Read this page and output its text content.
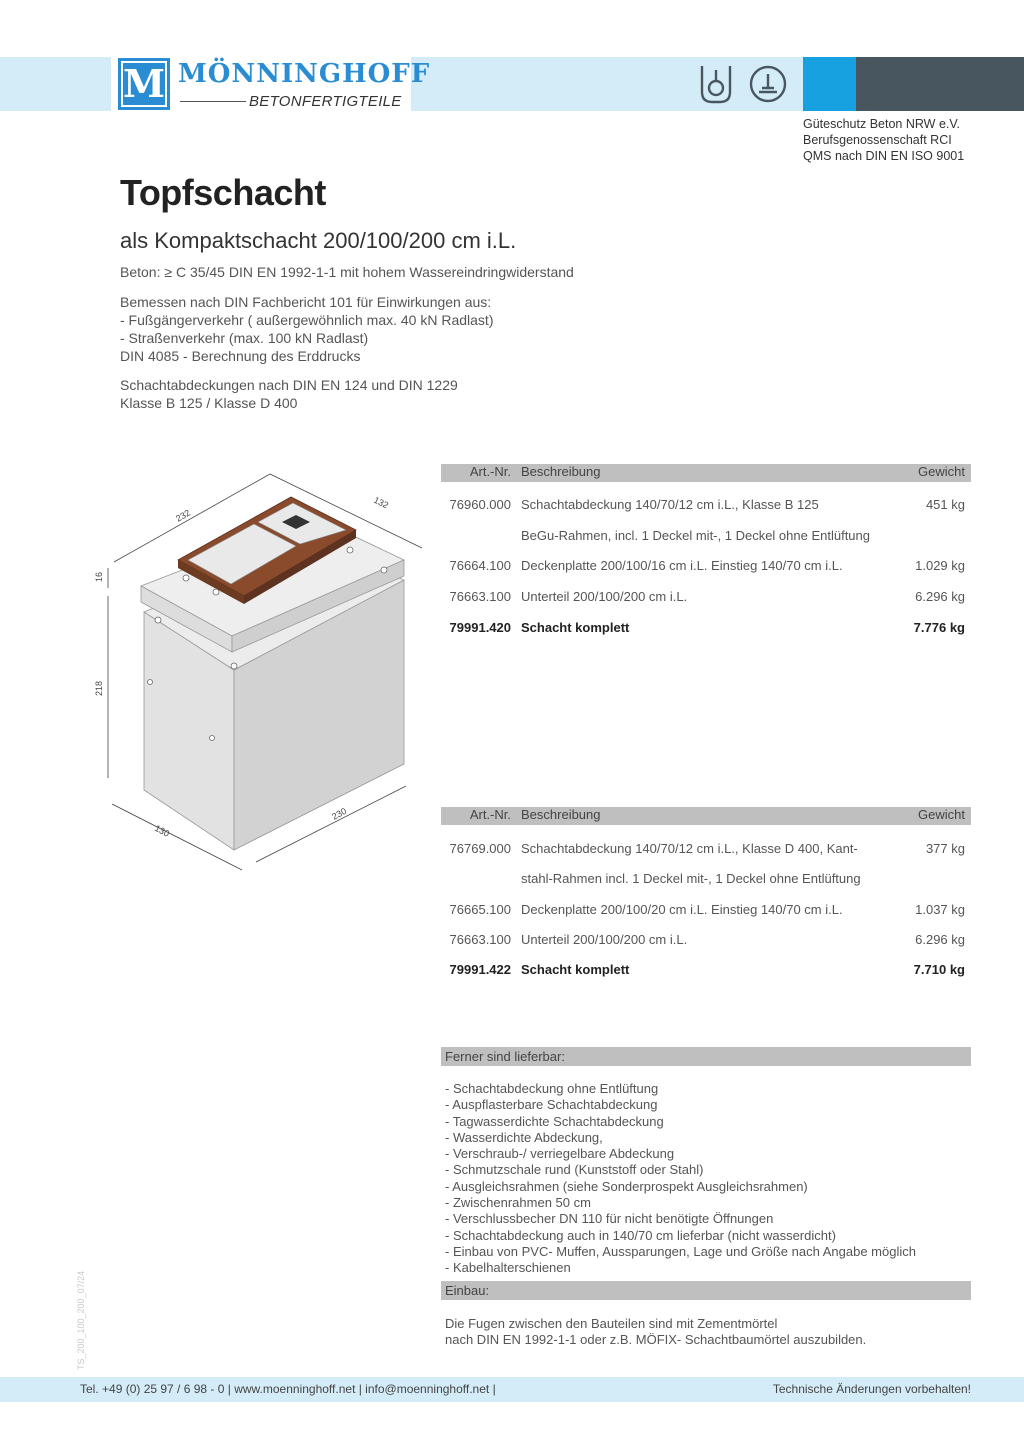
M MÖNNINGHOFF
BETONFERTIGTEILE
Güteschutz Beton NRW e.V.
Berufsgenossenschaft RCI
QMS nach DIN EN ISO 9001
Topfschacht
als Kompaktschacht 200/100/200 cm i.L.
Beton: ≥ C 35/45 DIN EN 1992-1-1 mit hohem Wassereindringwiderstand
Bemessen nach DIN Fachbericht 101 für Einwirkungen aus:
- Fußgängerverkehr ( außergewöhnlich max. 40 kN Radlast)
- Straßenverkehr (max. 100 kN Radlast)
DIN 4085 - Berechnung des Erddrucks
Schachtabdeckungen nach DIN EN 124 und DIN 1229
Klasse B 125 / Klasse D 400
232
132
16
218
130
230
Art.-Nr. Beschreibung	Gewicht
76960.000 Schachtabdeckung 140/70/12 cm i.L., Klasse B 125	451 kg
BeGu-Rahmen, incl. 1 Deckel mit-, 1 Deckel ohne Entlüftung
76664.100 Deckenplatte 200/100/16 cm i.L. Einstieg 140/70 cm i.L.	1.029 kg
76663.100 Unterteil 200/100/200 cm i.L.	6.296 kg
79991.420 Schacht komplett	7.776 kg
Art.-Nr. Beschreibung	Gewicht
76769.000 Schachtabdeckung 140/70/12 cm i.L., Klasse D 400, Kant-	377 kg
stahl-Rahmen incl. 1 Deckel mit-, 1 Deckel ohne Entlüftung
76665.100 Deckenplatte 200/100/20 cm i.L. Einstieg 140/70 cm i.L.	1.037 kg
76663.100 Unterteil 200/100/200 cm i.L.	6.296 kg
79991.422 Schacht komplett	7.710 kg
Ferner sind lieferbar:
- Schachtabdeckung ohne Entlüftung
- Auspflasterbare Schachtabdeckung
- Tagwasserdichte Schachtabdeckung
- Wasserdichte Abdeckung,
- Verschraub-/ verriegelbare Abdeckung
- Schmutzschale rund (Kunststoff oder Stahl)
- Ausgleichsrahmen (siehe Sonderprospekt Ausgleichsrahmen)
- Zwischenrahmen 50 cm
- Verschlussbecher DN 110 für nicht benötigte Öffnungen
- Schachtabdeckung auch in 140/70 cm lieferbar (nicht wasserdicht)
- Einbau von PVC- Muffen, Aussparungen, Lage und Größe nach Angabe möglich
- Kabelhalterschienen
Einbau:
Die Fugen zwischen den Bauteilen sind mit Zementmörtel
nach DIN EN 1992-1-1 oder z.B. MÖFIX- Schachtbaumörtel auszubilden.
TS_200_100_200_07/24
Tel. +49 (0) 25 97 / 6 98 - 0 | www.moenninghoff.net | info@moenninghoff.net |	Technische Änderungen vorbehalten!
